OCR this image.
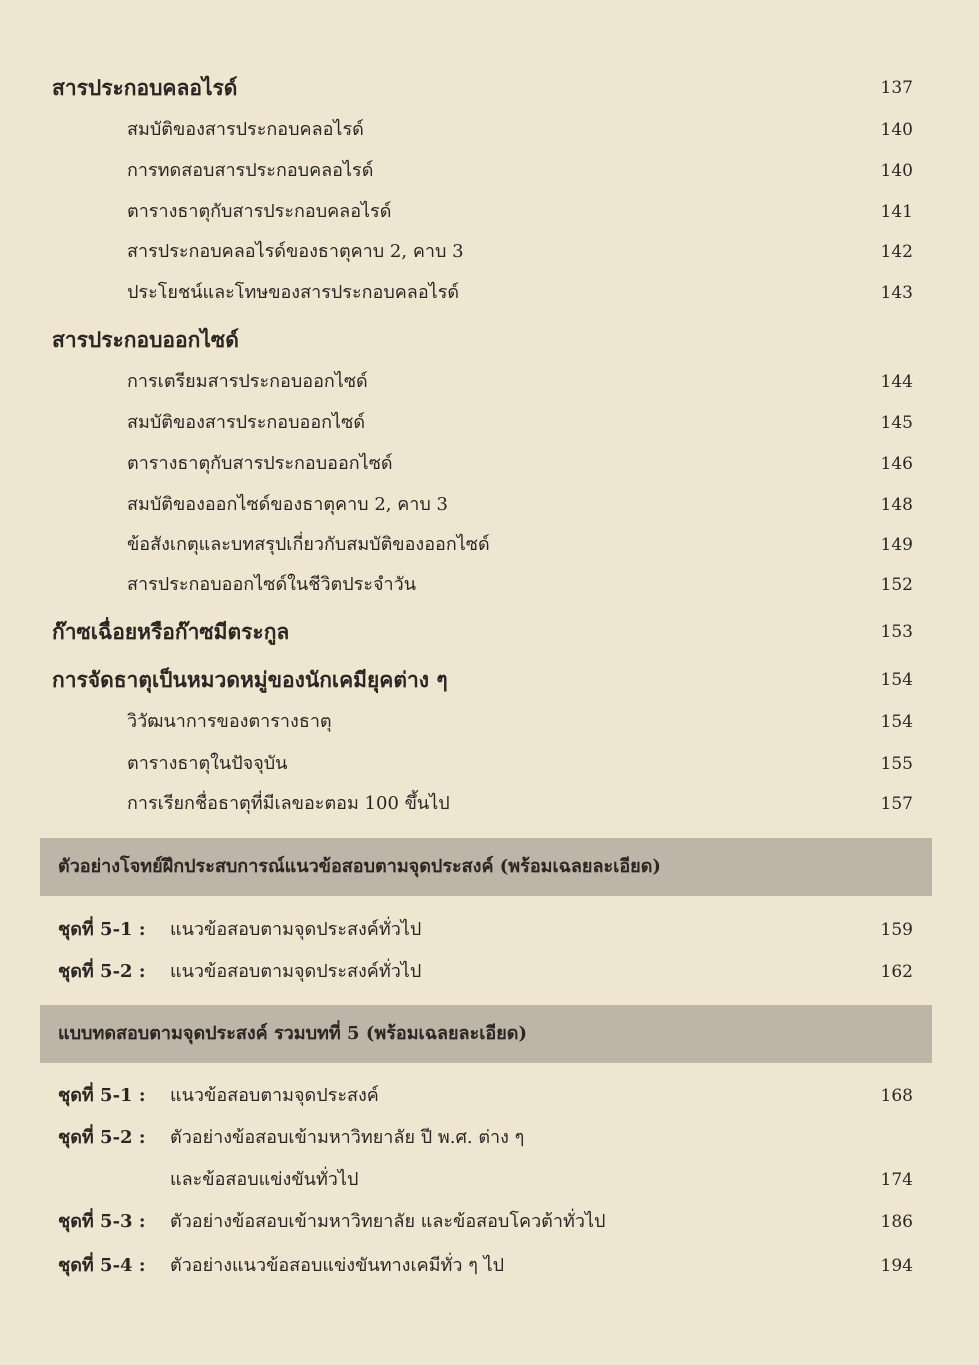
สารประกอบคลอไรด์	137
สมบัติของสารประกอบคลอไรด์	140
การทดสอบสารประกอบคลอไรด์	140
ตารางธาตุกับสารประกอบคลอไรด์	141
สารประกอบคลอไรด์ของธาตุคาบ 2, คาบ 3	142
ประโยชน์และโทษของสารประกอบคลอไรด์	143
สารประกอบออกไซด์
การเตรียมสารประกอบออกไซด์	144
สมบัติของสารประกอบออกไซด์	145
ตารางธาตุกับสารประกอบออกไซด์	146
สมบัติของออกไซด์ของธาตุคาบ 2, คาบ 3	148
ข้อสังเกตุและบทสรุปเกี่ยวกับสมบัติของออกไซด์	149
สารประกอบออกไซด์ในชีวิตประจำวัน	152
ก๊าซเฉื่อยหรือก๊าซมีตระกูล	153
การจัดธาตุเป็นหมวดหมู่ของนักเคมียุคต่าง ๆ	154
วิวัฒนาการของตารางธาตุ	154
ตารางธาตุในปัจจุบัน	155
การเรียกชื่อธาตุที่มีเลขอะตอม 100 ขึ้นไป	157
ชุดที่ 5-1 : แนวข้อสอบตามจุดประสงค์ทั่วไป	159
ชุดที่ 5-2 : แนวข้อสอบตามจุดประสงค์ทั่วไป	162
ชุดที่ 5-1 : แนวข้อสอบตามจุดประสงค์	168
ชุดที่ 5-2 : ตัวอย่างข้อสอบเข้ามหาวิทยาลัย ปี พ.ศ. ต่าง ๆ
และข้อสอบแข่งขันทั่วไป	174
ชุดที่ 5-3 : ตัวอย่างข้อสอบเข้ามหาวิทยาลัย และข้อสอบโควต้าทั่วไป	186
ชุดที่ 5-4 : ตัวอย่างแนวข้อสอบแข่งขันทางเคมีทั่ว ๆ ไป	194
ตัวอย่างโจทย์ฝึกประสบการณ์แนวข้อสอบตามจุดประสงค์ (พร้อมเฉลยละเอียด)
แบบทดสอบตามจุดประสงค์ รวมบทที่ 5 (พร้อมเฉลยละเอียด)
